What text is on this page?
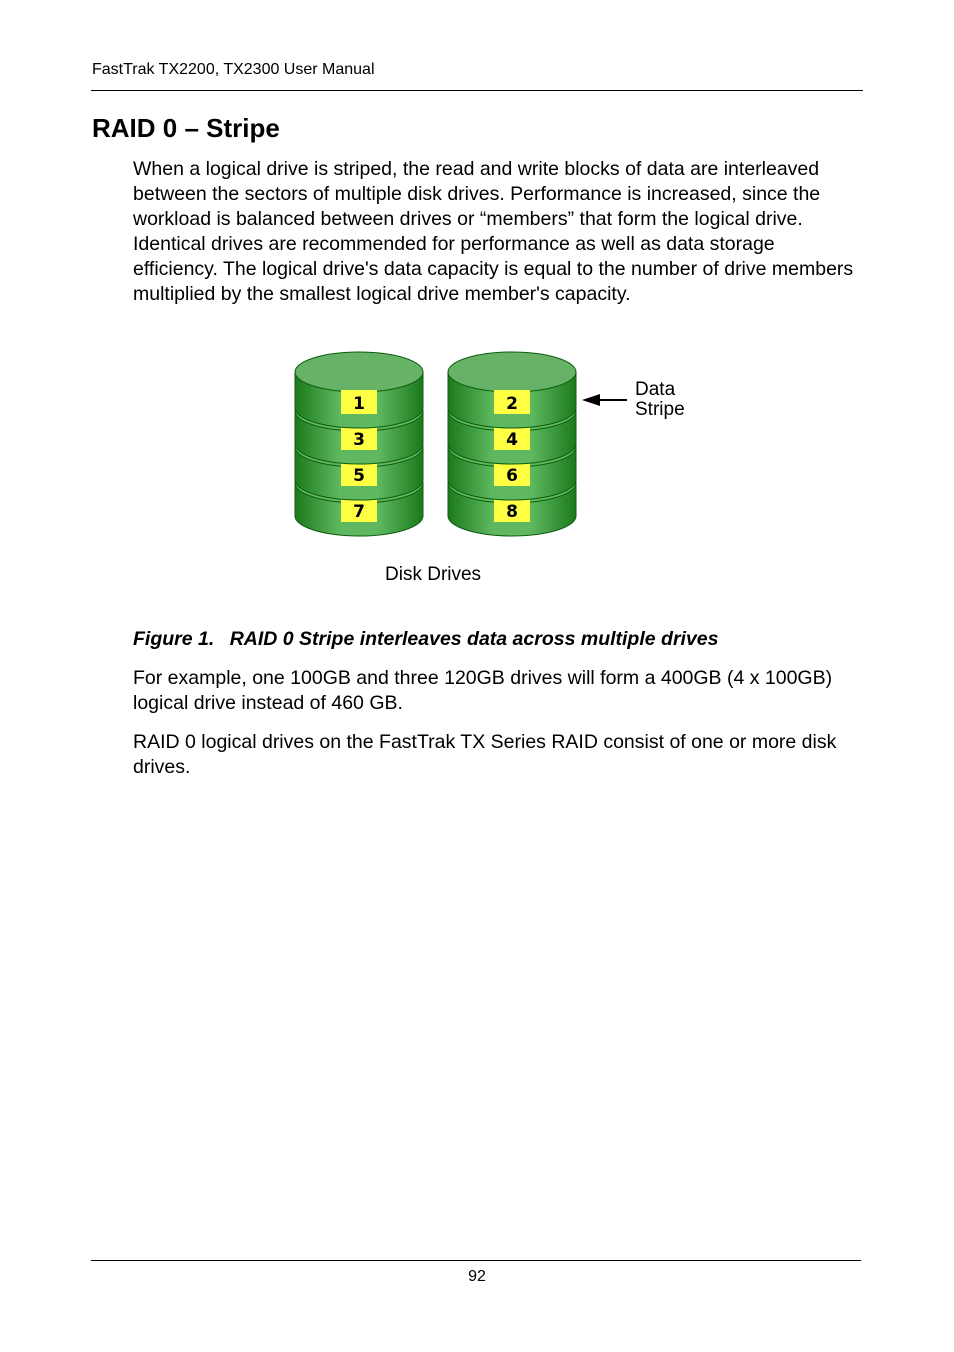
FastTrak TX2200, TX2300 User Manual
RAID 0 – Stripe

When a logical drive is striped, the read and write blocks of data are interleaved between the sectors of multiple disk drives. Performance is increased, since the workload is balanced between drives or “members” that form the logical drive. Identical drives are recommended for performance as well as data storage efficiency. The logical drive's data capacity is equal to the number of drive members multiplied by the smallest logical drive member's capacity.

7
5
3
1
8
6
4
2
Data
Stripe
Disk Drives
Figure 1. RAID 0 Stripe interleaves data across multiple drives

For example, one 100GB and three 120GB drives will form a 400GB (4 x 100GB) logical drive instead of 460 GB.

RAID 0 logical drives on the FastTrak TX Series RAID consist of one or more disk drives.

92
